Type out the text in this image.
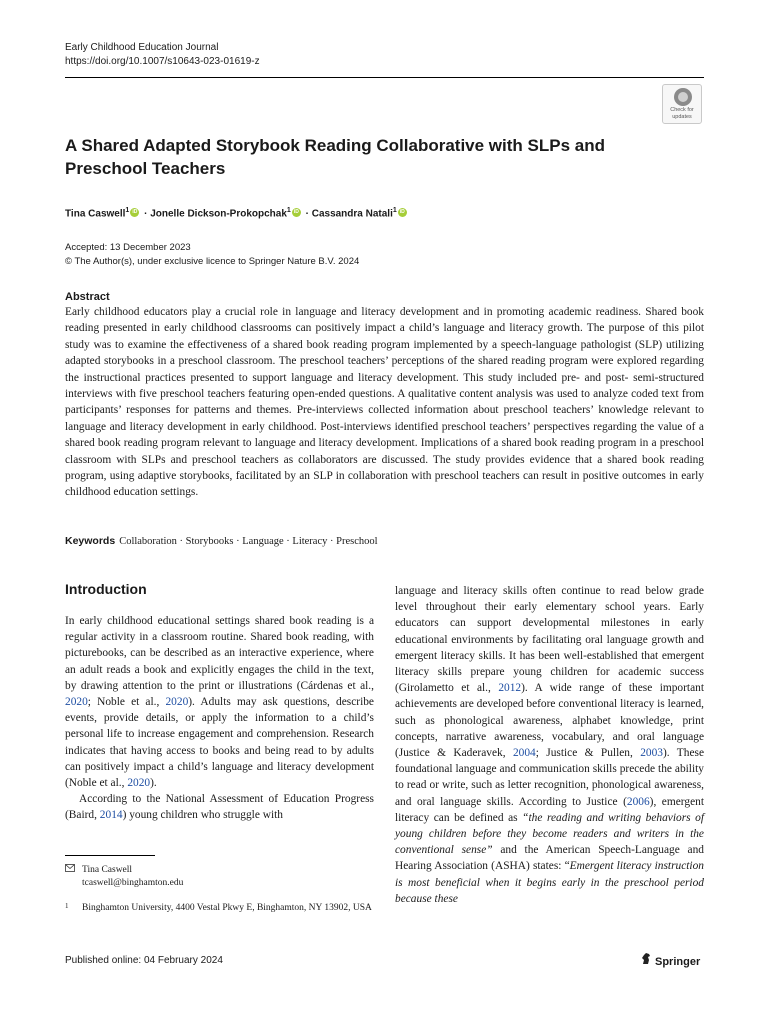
Early Childhood Education Journal
https://doi.org/10.1007/s10643-023-01619-z
Check for
updates
A Shared Adapted Storybook Reading Collaborative with SLPs and Preschool Teachers
Tina Caswell$^1$iD · Jonelle Dickson-Prokopchak$^1$iD · Cassandra Natali$^1$iD
Accepted: 13 December 2023
© The Author(s), under exclusive licence to Springer Nature B.V. 2024
Abstract

Early childhood educators play a crucial role in language and literacy development and in promoting academic readiness. Shared book reading presented in early childhood classrooms can positively impact a child’s language and literacy growth. The purpose of this pilot study was to examine the effectiveness of a shared book reading program implemented by a speech-language pathologist (SLP) utilizing adapted storybooks in a preschool classroom. The preschool teachers’ perceptions of the shared reading program were explored regarding the instructional practices presented to support language and literacy development. This study included pre- and post- semi-structured interviews with five preschool teachers featuring open-ended questions. A qualitative content analysis was used to analyze coded text from participants’ responses for patterns and themes. Pre-interviews collected information about preschool teachers’ knowledge relevant to language and literacy development in early childhood. Post-interviews identified preschool teachers’ perspectives regarding the value of a shared book reading program relevant to language and literacy development. Implications of a shared book reading program in a preschool classroom with SLPs and preschool teachers as collaborators are discussed. The study provides evidence that a shared book reading program, using adaptive storybooks, facilitated by an SLP in collaboration with preschool teachers can result in positive outcomes in early childhood education settings.

Keywords Collaboration · Storybooks · Language · Literacy · Preschool
Introduction

In early childhood educational settings shared book reading is a regular activity in a classroom routine. Shared book reading, with picturebooks, can be described as an interactive experience, where an adult reads a book and explicitly engages the child in the text, by drawing attention to the print or illustrations (Cárdenas et al., 2020; Noble et al., 2020). Adults may ask questions, describe events, provide details, or apply the information to a child’s personal life to increase engagement and comprehension. Research indicates that having access to books and being read to by adults can positively impact a child’s language and literacy development (Noble et al., 2020).

According to the National Assessment of Education Progress (Baird, 2014) young children who struggle with

language and literacy skills often continue to read below grade level throughout their early elementary school years. Early educators can support developmental milestones in early educational environments by facilitating oral language growth and emergent literacy skills. It has been well-established that emergent literacy skills prepare young children for academic success (Girolametto et al., 2012). A wide range of these important achievements are developed before conventional literacy is learned, such as phonological awareness, alphabet knowledge, print concepts, narrative awareness, vocabulary, and oral language (Justice & Kaderavek, 2004; Justice & Pullen, 2003). These foundational language and communication skills precede the ability to read or write, such as letter recognition, phonological awareness, and oral language skills. According to Justice (2006), emergent literacy can be defined as “the reading and writing behaviors of young children before they become readers and writers in the conventional sense” and the American Speech-Language and Hearing Association (ASHA) states: “Emergent literacy instruction is most beneficial when it begins early in the preschool period because these

Tina Caswell
tcaswell@binghamton.edu
1 Binghamton University, 4400 Vestal Pkwy E, Binghamton, NY 13902, USA
Published online: 04 February 2024	Springer
